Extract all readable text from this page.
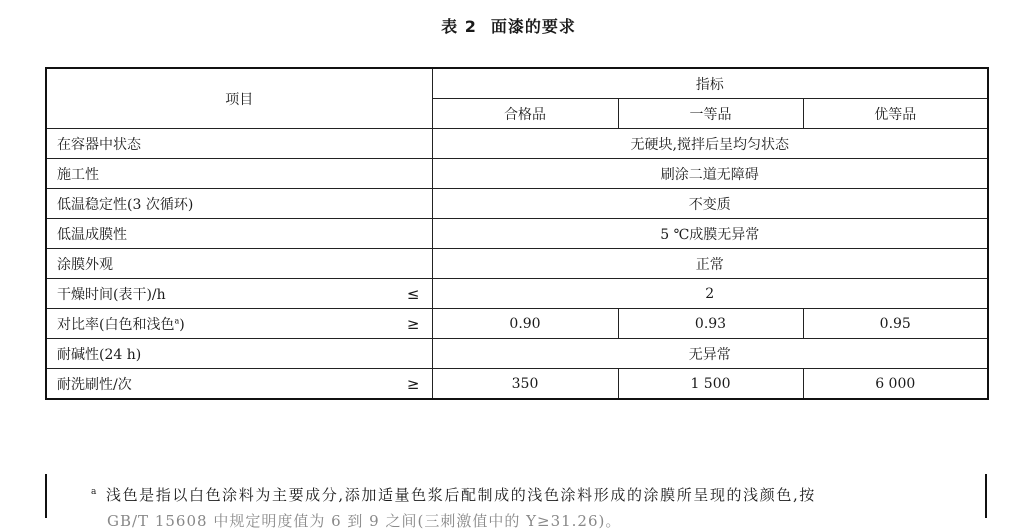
表 2 面漆的要求
项目	指标		
	合格品	一等品	优等品
在容器中状态	无硬块,搅拌后呈均匀状态		
施工性	刷涂二道无障碍		
低温稳定性(3 次循环)	不变质		
低温成膜性	5 ℃成膜无异常		
涂膜外观	正常		
干燥时间(表干)/h ≤	2		
对比率(白色和浅色$^a$) ≥	0.90	0.93	0.95
耐碱性(24 h)	无异常		
耐洗刷性/次 ≥	350	1 500	6 000
$^a$ 浅色是指以白色涂料为主要成分,添加适量色浆后配制成的浅色涂料形成的涂膜所呈现的浅颜色,按
GB/T 15608 中规定明度值为 6 到 9 之间(三刺激值中的 Y≥31.26)。
